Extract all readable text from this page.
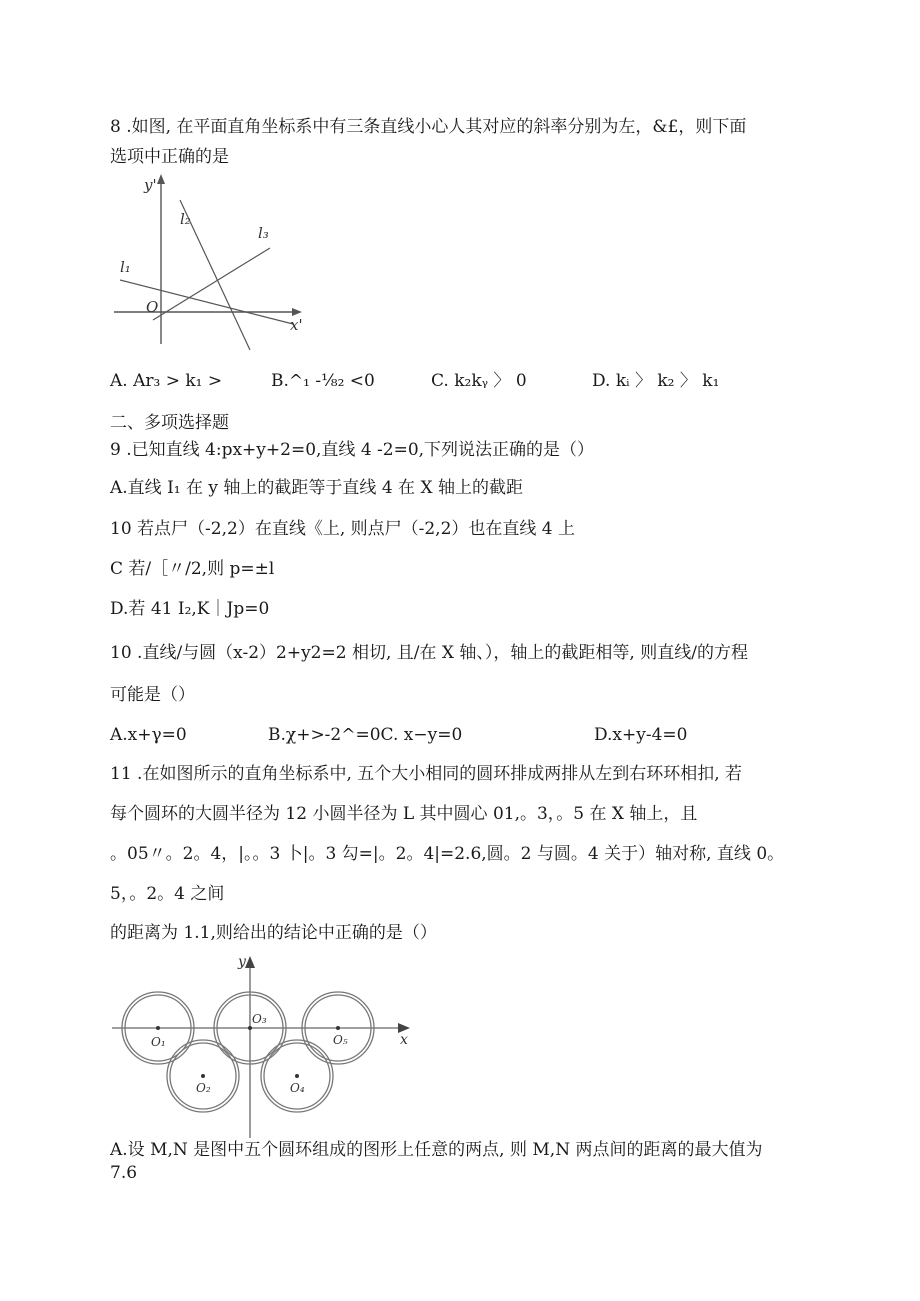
8 .如图, 在平面直角坐标系中有三条直线小心人其对应的斜率分别为左，&£，则下面
选项中正确的是
y'
x'
O
l₁
l₂
l₃
A. Ar₃ > k₁ >	B.^₁ -⅛₂ <0	C. k₂kᵧ 〉 0	D. kᵢ 〉 k₂ 〉 k₁
二、多项选择题
9 .已知直线 4:px+y+2=0,直线 4 -2=0,下列说法正确的是（）
A.直线 I₁ 在 y 轴上的截距等于直线 4 在 X 轴上的截距
10 若点尸（-2,2）在直线《上, 则点尸（-2,2）也在直线 4 上
C 若/［〃/2,则 p=±l
D.若 41 I₂,K｜Jp=0
10 .直线/与圆（x-2）2+y2=2 相切, 且/在 X 轴、），轴上的截距相等, 则直线/的方程
可能是（）
A.x+γ=0	B.χ+>-2^=0C. x−y=0	D.x+y-4=0
11 .在如图所示的直角坐标系中, 五个大小相同的圆环排成两排从左到右环环相扣, 若
每个圆环的大圆半径为 12 小圆半径为 L 其中圆心 01,。3，。5 在 X 轴上，且
。05〃。2。4，|。。3 卜|。3 勾=|。2。4|=2.6,圆。2 与圆。4 关于）轴对称, 直线 0。
5，。2。4 之间
的距离为 1.1,则给出的结论中正确的是（）
y
x
O₁
O₂
O₃
O₄
O₅
A.设 M,N 是图中五个圆环组成的图形上任意的两点, 则 M,N 两点间的距离的最大值为
7.6
